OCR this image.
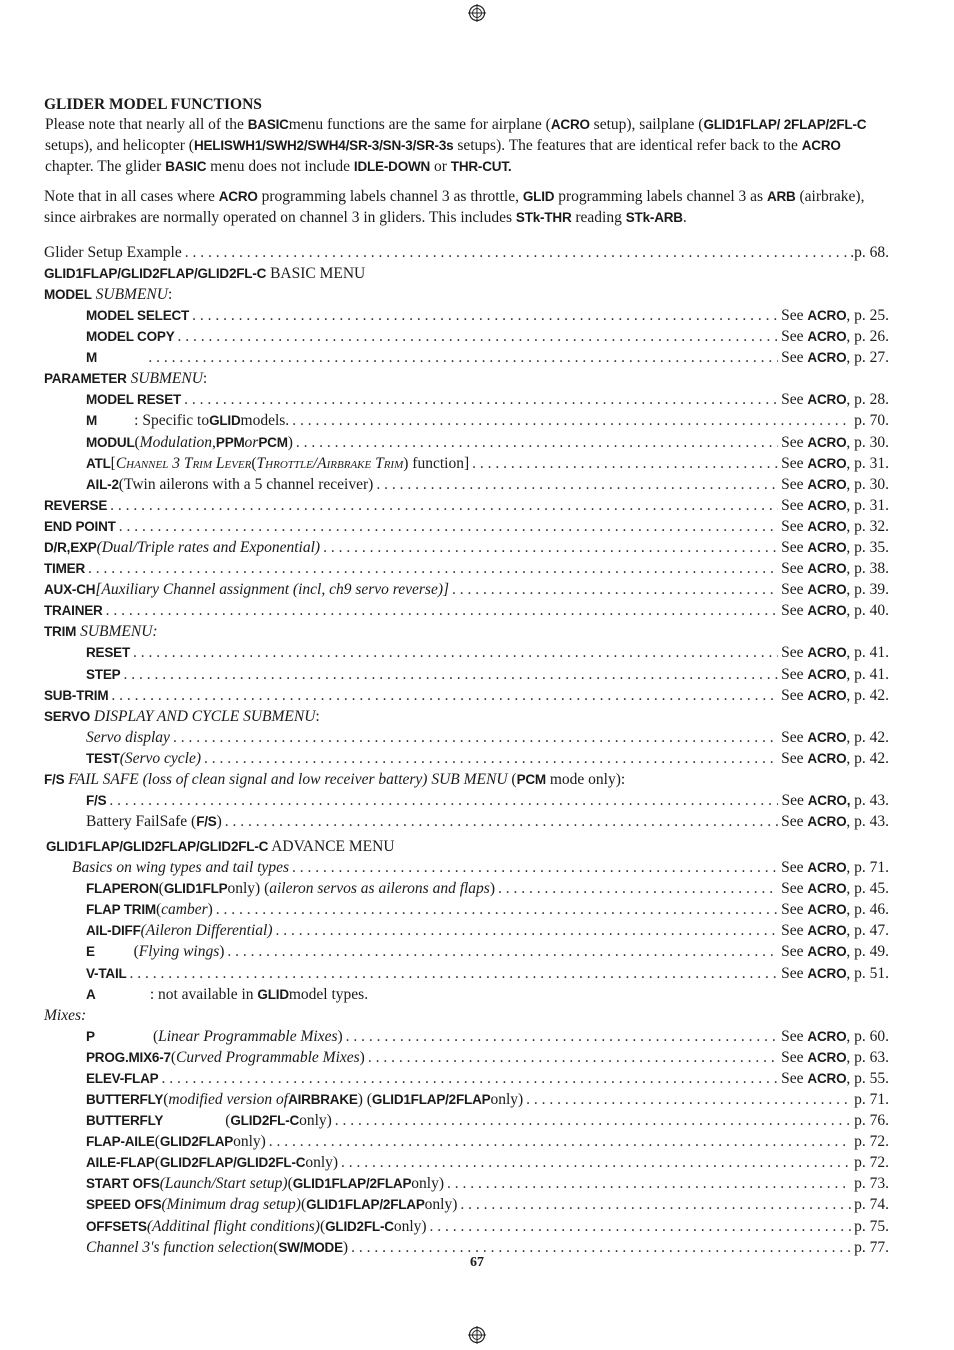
GLIDER MODEL FUNCTIONS

Please note that nearly all of the BASICmenu functions are the same for airplane (ACRO setup), sailplane (GLID1FLAP/ 2FLAP/2FL-C setups), and helicopter (HELISWH1/SWH2/SWH4/SR-3/SN-3/SR-3s setups). The features that are identical refer back to the ACRO chapter. The glider BASIC menu does not include IDLE-DOWN or THR-CUT.

Note that in all cases where ACRO programming labels channel 3 as throttle, GLID programming labels channel 3 as ARB (airbrake), since airbrakes are normally operated on channel 3 in gliders. This includes STk-THR reading STk-ARB.

Glider Setup Example . . .	.p. 68.
GLID1FLAP/GLID2FLAP/GLID2FL-C BASIC MENU
MODEL SUBMENU:
MODEL SELECT . . .	See ACRO, p. 25.
MODEL COPY . . .	See ACRO, p. 26.
M . . .	See ACRO, p. 27.
PARAMETER SUBMENU:
MODEL RESET . . .	See ACRO, p. 28.
M : Specific to GLID models. . . .	p. 70.
MODUL ( Modulation, PPM or PCM ) . . .	See ACRO, p. 30.
ATL [ Channel 3 Trim Lever ( Throttle/Airbrake Trim ) function] . . .	See ACRO, p. 31.
AIL-2 (Twin ailerons with a 5 channel receiver) . . .	See ACRO, p. 30.
REVERSE . . .	See ACRO, p. 31.
END POINT . . .	See ACRO, p. 32.
D/R,EXP (Dual/Triple rates and Exponential) . . .	See ACRO, p. 35.
TIMER . . .	See ACRO, p. 38.
AUX-CH [Auxiliary Channel assignment (incl, ch9 servo reverse)] . . .	See ACRO, p. 39.
TRAINER . . .	See ACRO, p. 40.
TRIM SUBMENU:
RESET . . .	See ACRO, p. 41.
STEP . . .	See ACRO, p. 41.
SUB-TRIM . . .	See ACRO, p. 42.
SERVO DISPLAY AND CYCLE SUBMENU:
Servo display . . .	See ACRO, p. 42.
TEST (Servo cycle) . . .	See ACRO, p. 42.
F/S FAIL SAFE (loss of clean signal and low receiver battery) SUB MENU (PCM mode only):
F/S . . .	See ACRO, p. 43.
Battery FailSafe ( F/S ) . . .	See ACRO, p. 43.
GLID1FLAP/GLID2FLAP/GLID2FL-C ADVANCE MENU
Basics on wing types and tail types . . .	See ACRO, p. 71.
FLAPERON ( GLID1FLP only) ( aileron servos as ailerons and flaps ) . . .	See ACRO, p. 45.
FLAP TRIM ( camber ) . . .	See ACRO, p. 46.
AIL-DIFF (Aileron Differential) . . .	See ACRO, p. 47.
E ( Flying wings ) . . .	See ACRO, p. 49.
V-TAIL . . .	See ACRO, p. 51.
A : not available in GLID model types.
Mixes:
P ( Linear Programmable Mixes ) . . .	See ACRO, p. 60.
PROG.MIX6-7 ( Curved Programmable Mixes ) . . .	See ACRO, p. 63.
ELEV-FLAP . . .	See ACRO, p. 55.
BUTTERFLY ( modified version of AIRBRAKE ) ( GLID1FLAP/2FLAP only) . . .	p. 71.
BUTTERFLY ( GLID2FL-C only) . . .	p. 76.
FLAP-AILE ( GLID2FLAP only) . . .	p. 72.
AILE-FLAP ( GLID2FLAP/GLID2FL-C only) . . .	p. 72.
START OFS (Launch/Start setup) ( GLID1FLAP/2FLAP only) . . .	p. 73.
SPEED OFS (Minimum drag setup) ( GLID1FLAP/2FLAP only) . . .	p. 74.
OFFSETS (Additinal flight conditions) ( GLID2FL-C only) . . .	p. 75.
Channel 3's function selection ( SW/MODE ) . . .	p. 77.
67
